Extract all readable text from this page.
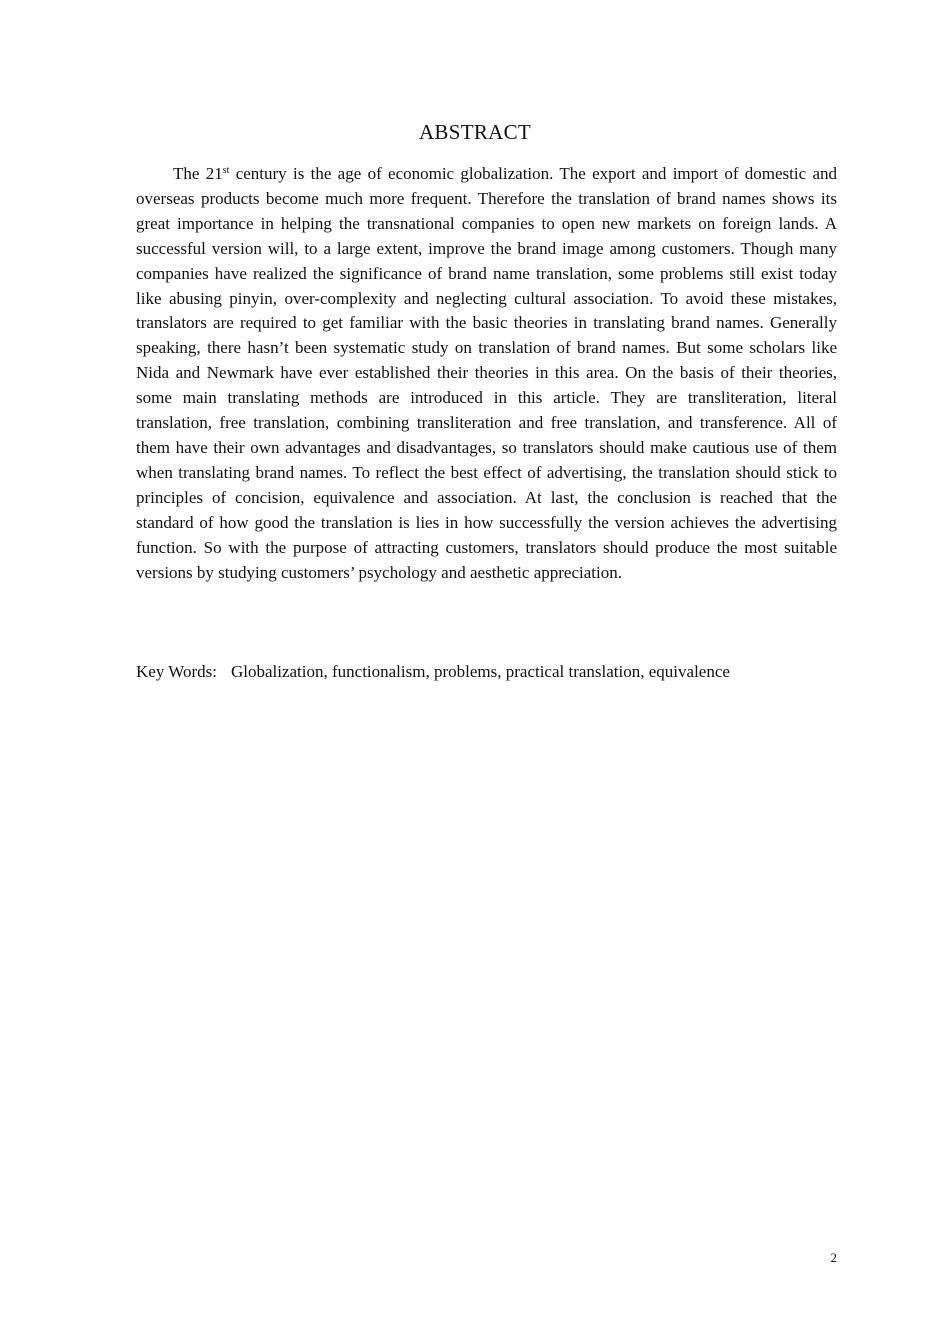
ABSTRACT

The 21st century is the age of economic globalization. The export and import of domestic and overseas products become much more frequent. Therefore the translation of brand names shows its great importance in helping the transnational companies to open new markets on foreign lands. A successful version will, to a large extent, improve the brand image among customers. Though many companies have realized the significance of brand name translation, some problems still exist today like abusing pinyin, over-complexity and neglecting cultural association. To avoid these mistakes, translators are required to get familiar with the basic theories in translating brand names. Generally speaking, there hasn’t been systematic study on translation of brand names. But some scholars like Nida and Newmark have ever established their theories in this area. On the basis of their theories, some main translating methods are introduced in this article. They are transliteration, literal translation, free translation, combining transliteration and free translation, and transference. All of them have their own advantages and disadvantages, so translators should make cautious use of them when translating brand names. To reflect the best effect of advertising, the translation should stick to principles of concision, equivalence and association. At last, the conclusion is reached that the standard of how good the translation is lies in how successfully the version achieves the advertising function. So with the purpose of attracting customers, translators should produce the most suitable versions by studying customers’ psychology and aesthetic appreciation.

Key Words: Globalization, functionalism, problems, practical translation, equivalence
2
